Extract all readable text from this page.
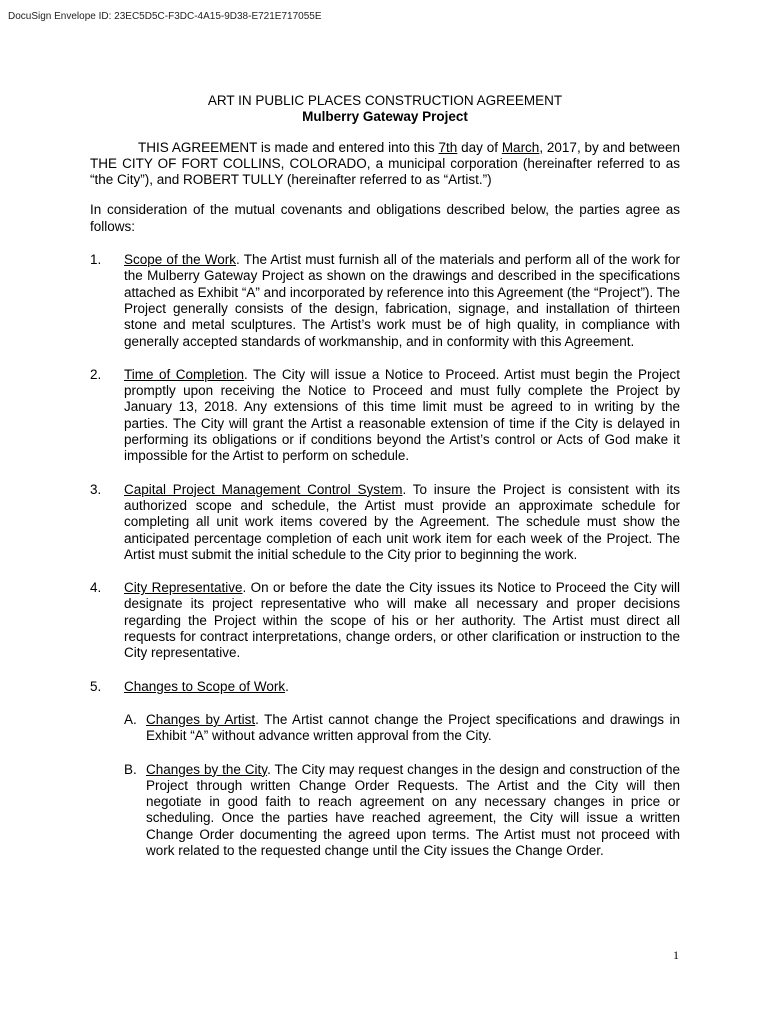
DocuSign Envelope ID: 23EC5D5C-F3DC-4A15-9D38-E721E717055E
ART IN PUBLIC PLACES CONSTRUCTION AGREEMENT
Mulberry Gateway Project
THIS AGREEMENT is made and entered into this 7th day of March, 2017, by and between THE CITY OF FORT COLLINS, COLORADO, a municipal corporation (hereinafter referred to as “the City”), and ROBERT TULLY (hereinafter referred to as “Artist.”)
In consideration of the mutual covenants and obligations described below, the parties agree as follows:
1.	Scope of the Work. The Artist must furnish all of the materials and perform all of the work for the Mulberry Gateway Project as shown on the drawings and described in the specifications attached as Exhibit “A” and incorporated by reference into this Agreement (the “Project”). The Project generally consists of the design, fabrication, signage, and installation of thirteen stone and metal sculptures. The Artist’s work must be of high quality, in compliance with generally accepted standards of workmanship, and in conformity with this Agreement.
2.	Time of Completion. The City will issue a Notice to Proceed. Artist must begin the Project promptly upon receiving the Notice to Proceed and must fully complete the Project by January 13, 2018. Any extensions of this time limit must be agreed to in writing by the parties. The City will grant the Artist a reasonable extension of time if the City is delayed in performing its obligations or if conditions beyond the Artist’s control or Acts of God make it impossible for the Artist to perform on schedule.
3.	Capital Project Management Control System. To insure the Project is consistent with its authorized scope and schedule, the Artist must provide an approximate schedule for completing all unit work items covered by the Agreement. The schedule must show the anticipated percentage completion of each unit work item for each week of the Project. The Artist must submit the initial schedule to the City prior to beginning the work.
4.	City Representative. On or before the date the City issues its Notice to Proceed the City will designate its project representative who will make all necessary and proper decisions regarding the Project within the scope of his or her authority. The Artist must direct all requests for contract interpretations, change orders, or other clarification or instruction to the City representative.
5.	Changes to Scope of Work.
A. Changes by Artist. The Artist cannot change the Project specifications and drawings in Exhibit “A” without advance written approval from the City.
B. Changes by the City. The City may request changes in the design and construction of the Project through written Change Order Requests. The Artist and the City will then negotiate in good faith to reach agreement on any necessary changes in price or scheduling. Once the parties have reached agreement, the City will issue a written Change Order documenting the agreed upon terms. The Artist must not proceed with work related to the requested change until the City issues the Change Order.
1
